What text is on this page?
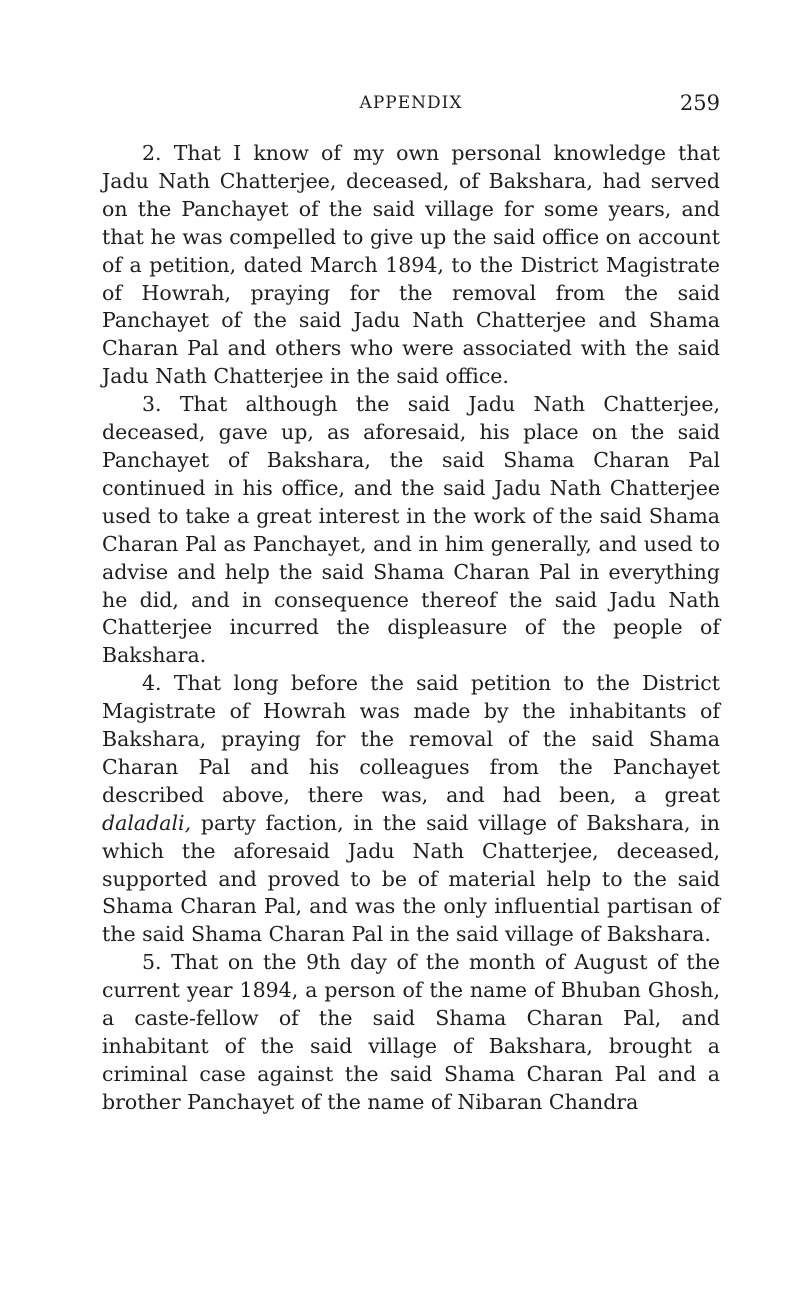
APPENDIX	259

2. That I know of my own personal knowledge that Jadu Nath Chatterjee, deceased, of Bakshara, had served on the Panchayet of the said village for some years, and that he was compelled to give up the said office on account of a petition, dated March 1894, to the District Magistrate of Howrah, praying for the removal from the said Panchayet of the said Jadu Nath Chatterjee and Shama Charan Pal and others who were associated with the said Jadu Nath Chatterjee in the said office.

3. That although the said Jadu Nath Chatterjee, deceased, gave up, as aforesaid, his place on the said Panchayet of Bakshara, the said Shama Charan Pal continued in his office, and the said Jadu Nath Chatterjee used to take a great interest in the work of the said Shama Charan Pal as Panchayet, and in him generally, and used to advise and help the said Shama Charan Pal in everything he did, and in consequence thereof the said Jadu Nath Chatterjee incurred the displeasure of the people of Bakshara.

4. That long before the said petition to the District Magistrate of Howrah was made by the inhabitants of Bakshara, praying for the removal of the said Shama Charan Pal and his colleagues from the Panchayet described above, there was, and had been, a great daladali, party faction, in the said village of Bakshara, in which the aforesaid Jadu Nath Chatterjee, deceased, supported and proved to be of material help to the said Shama Charan Pal, and was the only influential partisan of the said Shama Charan Pal in the said village of Bakshara.

5. That on the 9th day of the month of August of the current year 1894, a person of the name of Bhuban Ghosh, a caste-fellow of the said Shama Charan Pal, and inhabitant of the said village of Bakshara, brought a criminal case against the said Shama Charan Pal and a brother Panchayet of the name of Nibaran Chandra
